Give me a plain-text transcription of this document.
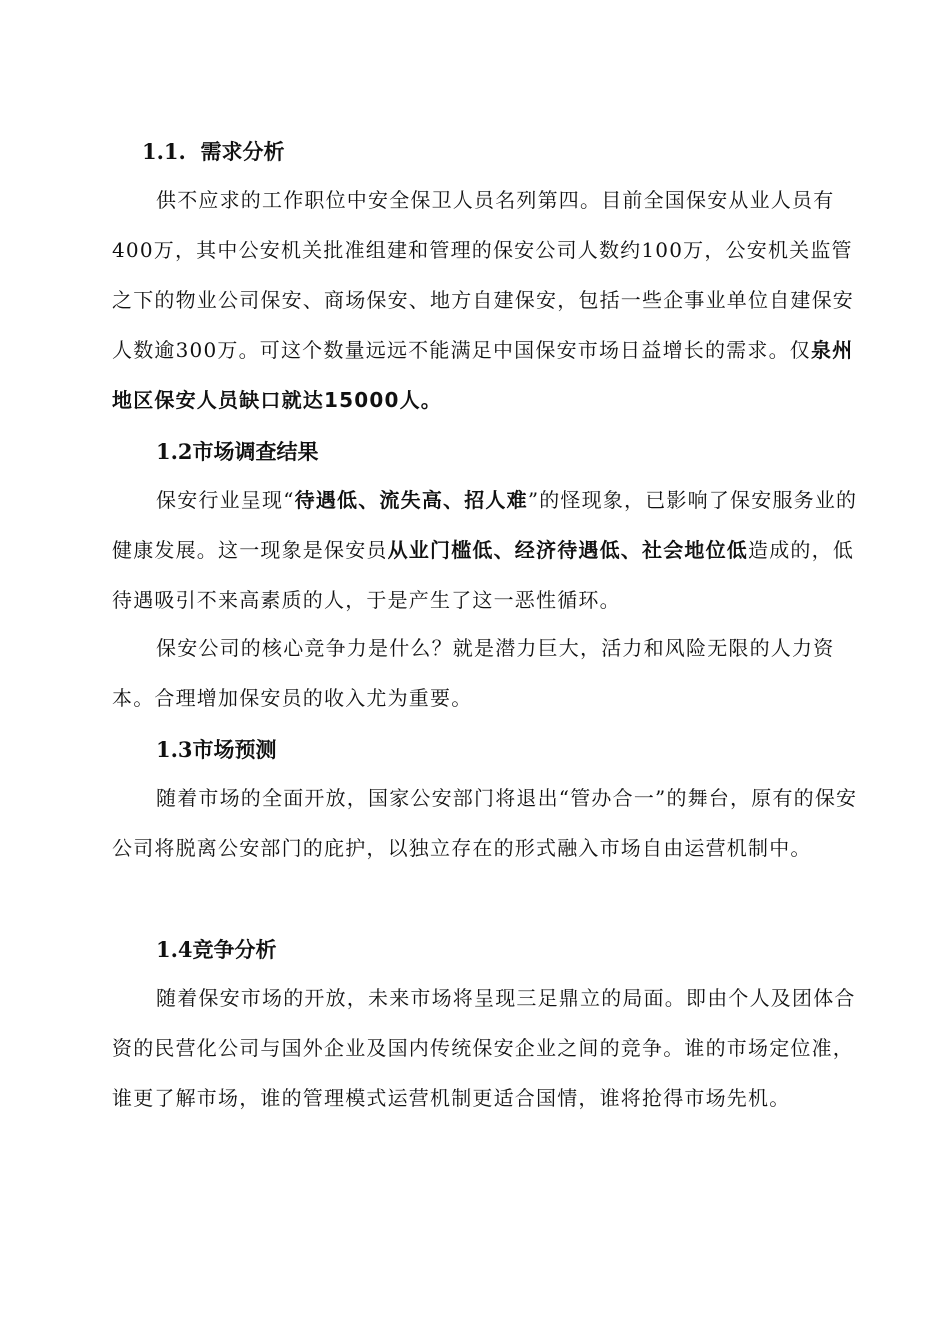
1.1. 需求分析
供不应求的工作职位中安全保卫人员名列第四。目前全国保安从业人员有400万，其中公安机关批准组建和管理的保安公司人数约100万，公安机关监管之下的物业公司保安、商场保安、地方自建保安，包括一些企事业单位自建保安人数逾300万。可这个数量远远不能满足中国保安市场日益增长的需求。仅泉州地区保安人员缺口就达15000人。
1.2市场调查结果
保安行业呈现“待遇低、流失高、招人难”的怪现象，已影响了保安服务业的健康发展。这一现象是保安员从业门槛低、经济待遇低、社会地位低造成的，低待遇吸引不来高素质的人，于是产生了这一恶性循环。
保安公司的核心竞争力是什么？就是潜力巨大，活力和风险无限的人力资本。合理增加保安员的收入尤为重要。
1.3市场预测
随着市场的全面开放，国家公安部门将退出“管办合一”的舞台，原有的保安公司将脱离公安部门的庇护，以独立存在的形式融入市场自由运营机制中。
1.4竞争分析
随着保安市场的开放，未来市场将呈现三足鼎立的局面。即由个人及团体合资的民营化公司与国外企业及国内传统保安企业之间的竞争。谁的市场定位准，谁更了解市场，谁的管理模式运营机制更适合国情，谁将抢得市场先机。
